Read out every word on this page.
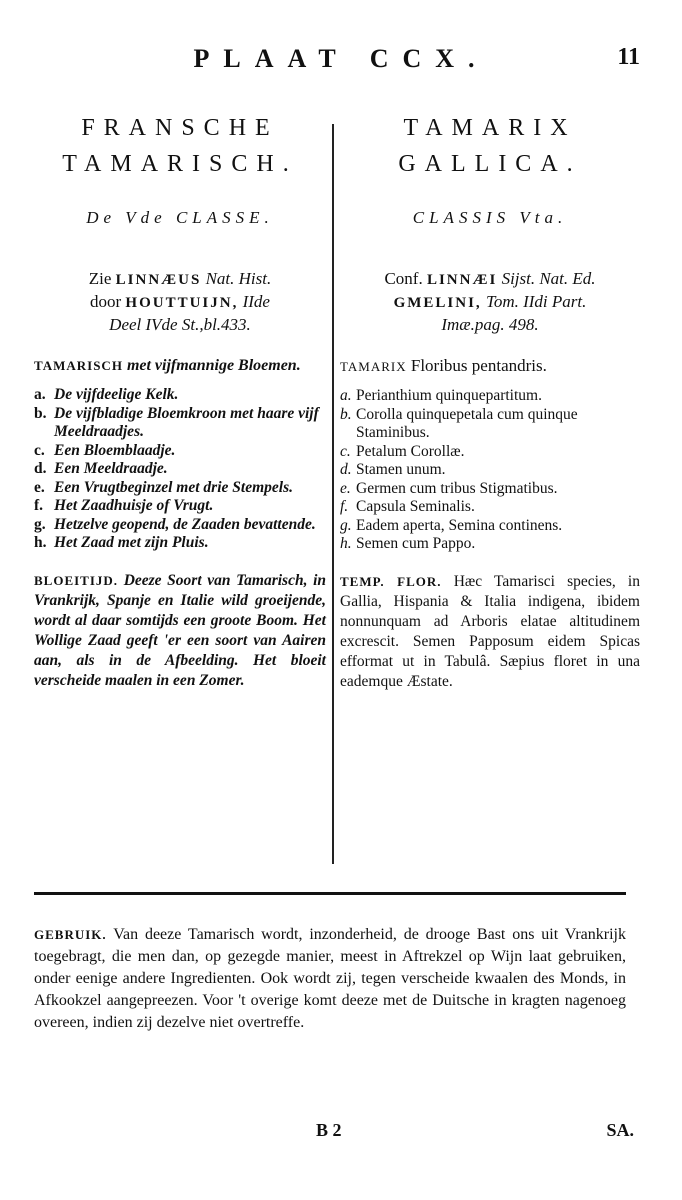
PLAAT CCX.	11
FRANSCHE
TAMARISCH.
De Vde CLASSE.
Zie LINNÆUS Nat. Hist.
door HOUTTUIJN, IIde
Deel IVde St.,bl.433.
TAMARISCH met vijfmannige Bloemen.
a. De vijfdeelige Kelk.
b. De vijfbladige Bloemkroon met haare vijf Meeldraadjes.
c. Een Bloemblaadje.
d. Een Meeldraadje.
e. Een Vrugtbeginzel met drie Stempels.
f. Het Zaadhuisje of Vrugt.
g. Hetzelve geopend, de Zaaden bevattende.
h. Het Zaad met zijn Pluis.
BLOEITIJD. Deeze Soort van Tamarisch, in Vrankrijk, Spanje en Italie wild groeijende, wordt al daar somtijds een groote Boom. Het Wollige Zaad geeft 'er een soort van Aairen aan, als in de Afbeelding. Het bloeit verscheide maalen in een Zomer.
TAMARIX
GALLICA.
CLASSIS Vta.
Conf. LINNÆI Sijst. Nat. Ed.
GMELINI, Tom. IIdi Part.
Imæ.pag. 498.
TAMARIX Floribus pentandris.
a. Perianthium quinquepartitum.
b. Corolla quinquepetala cum quinque Staminibus.
c. Petalum Corollæ.
d. Stamen unum.
e. Germen cum tribus Stigmatibus.
f. Capsula Seminalis.
g. Eadem aperta, Semina continens.
h. Semen cum Pappo.
TEMP. FLOR. Hæc Tamarisci species, in Gallia, Hispania & Italia indigena, ibidem nonnunquam ad Arboris elatae altitudinem excrescit. Semen Papposum eidem Spicas efformat ut in Tabulâ. Sæpius floret in una eademque Æstate.
GEBRUIK. Van deeze Tamarisch wordt, inzonderheid, de drooge Bast ons uit Vrankrijk toegebragt, die men dan, op gezegde manier, meest in Aftrekzel op Wijn laat gebruiken, onder eenige andere Ingredienten. Ook wordt zij, tegen verscheide kwaalen des Monds, in Afkookzel aangepreezen. Voor 't overige komt deeze met de Duitsche in kragten nagenoeg overeen, indien zij dezelve niet overtreffe.
B 2	SA.
